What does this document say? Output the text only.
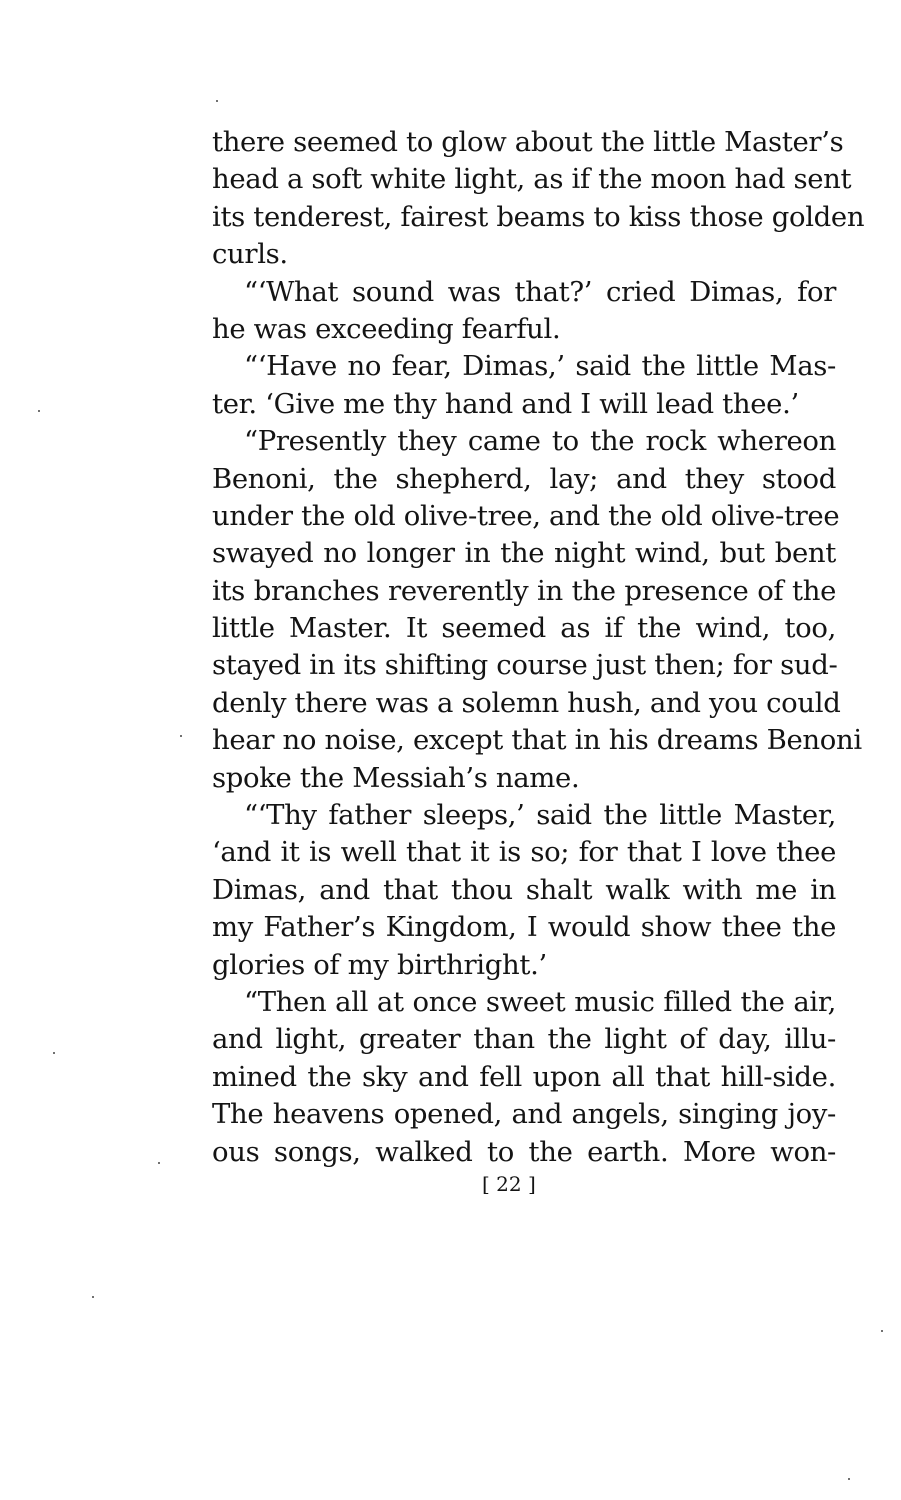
there seemed to glow about the little Master’s
head a soft white light, as if the moon had sent
its tenderest, fairest beams to kiss those golden
curls.
“‘What sound was that?’ cried Dimas, for
he was exceeding fearful.
“‘Have no fear, Dimas,’ said the little Mas-
ter. ‘Give me thy hand and I will lead thee.’
“Presently they came to the rock whereon
Benoni, the shepherd, lay; and they stood
under the old olive-tree, and the old olive-tree
swayed no longer in the night wind, but bent
its branches reverently in the presence of the
little Master. It seemed as if the wind, too,
stayed in its shifting course just then; for sud-
denly there was a solemn hush, and you could
hear no noise, except that in his dreams Benoni
spoke the Messiah’s name.
“‘Thy father sleeps,’ said the little Master,
‘and it is well that it is so; for that I love thee
Dimas, and that thou shalt walk with me in
my Father’s Kingdom, I would show thee the
glories of my birthright.’
“Then all at once sweet music filled the air,
and light, greater than the light of day, illu-
mined the sky and fell upon all that hill-side.
The heavens opened, and angels, singing joy-
ous songs, walked to the earth. More won-
[ 22 ]
